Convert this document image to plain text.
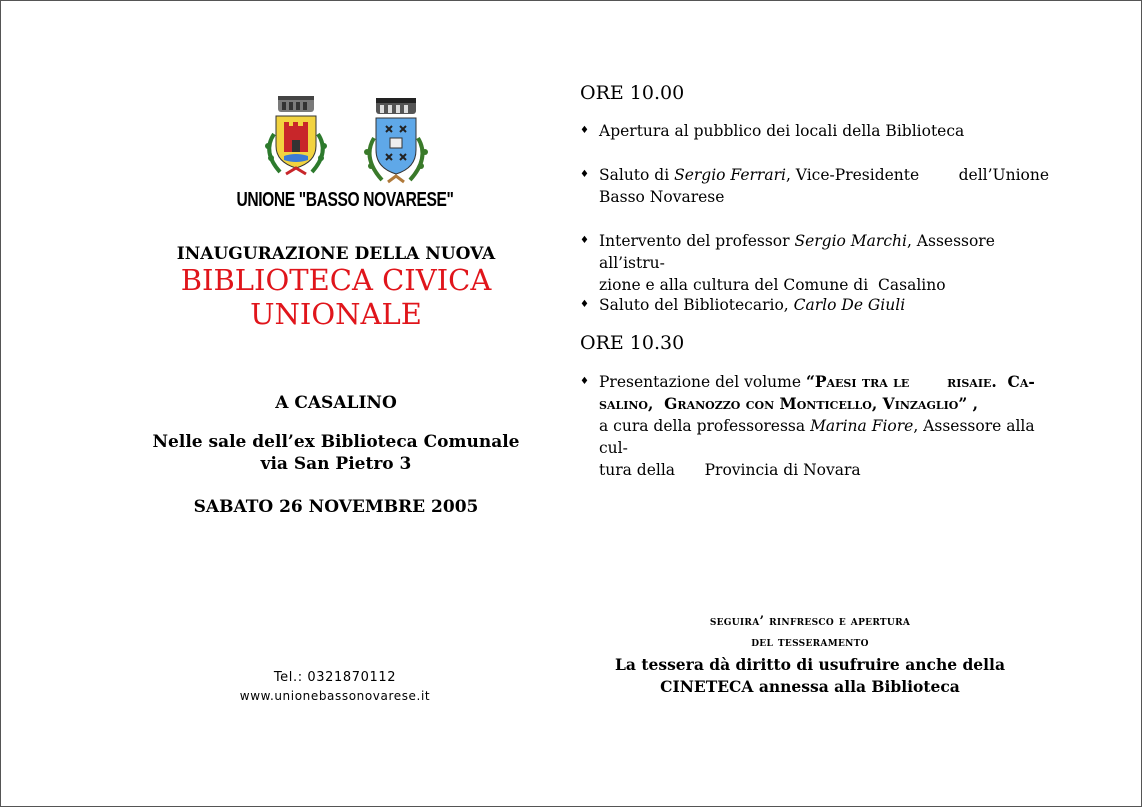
UNIONE "BASSO NOVARESE"
INAUGURAZIONE DELLA NUOVA
BIBLIOTECA CIVICA
UNIONALE
A CASALINO
Nelle sale dell’ex Biblioteca Comunale
via San Pietro 3
SABATO 26 NOVEMBRE 2005
Tel.: 0321870112
www.unionebassonovarese.it
ORE 10.00
♦ Apertura al pubblico dei locali della Biblioteca
♦ Saluto di Sergio Ferrari, Vice-Presidente        dell’Unione
Basso Novarese
♦ Intervento del professor Sergio Marchi, Assessore all’istru-
zione e alla cultura del Comune di  Casalino
♦ Saluto del Bibliotecario, Carlo De Giuli
ORE 10.30
♦ Presentazione del volume “Paesi tra le       risaie.  Ca-
salino,  Granozzo con Monticello, Vinzaglio” ,
a cura della professoressa Marina Fiore, Assessore alla cul-
tura della      Provincia di Novara
seguira’ rinfresco e apertura
del tesseramento
La tessera dà diritto di usufruire anche della
CINETECA annessa alla Biblioteca
